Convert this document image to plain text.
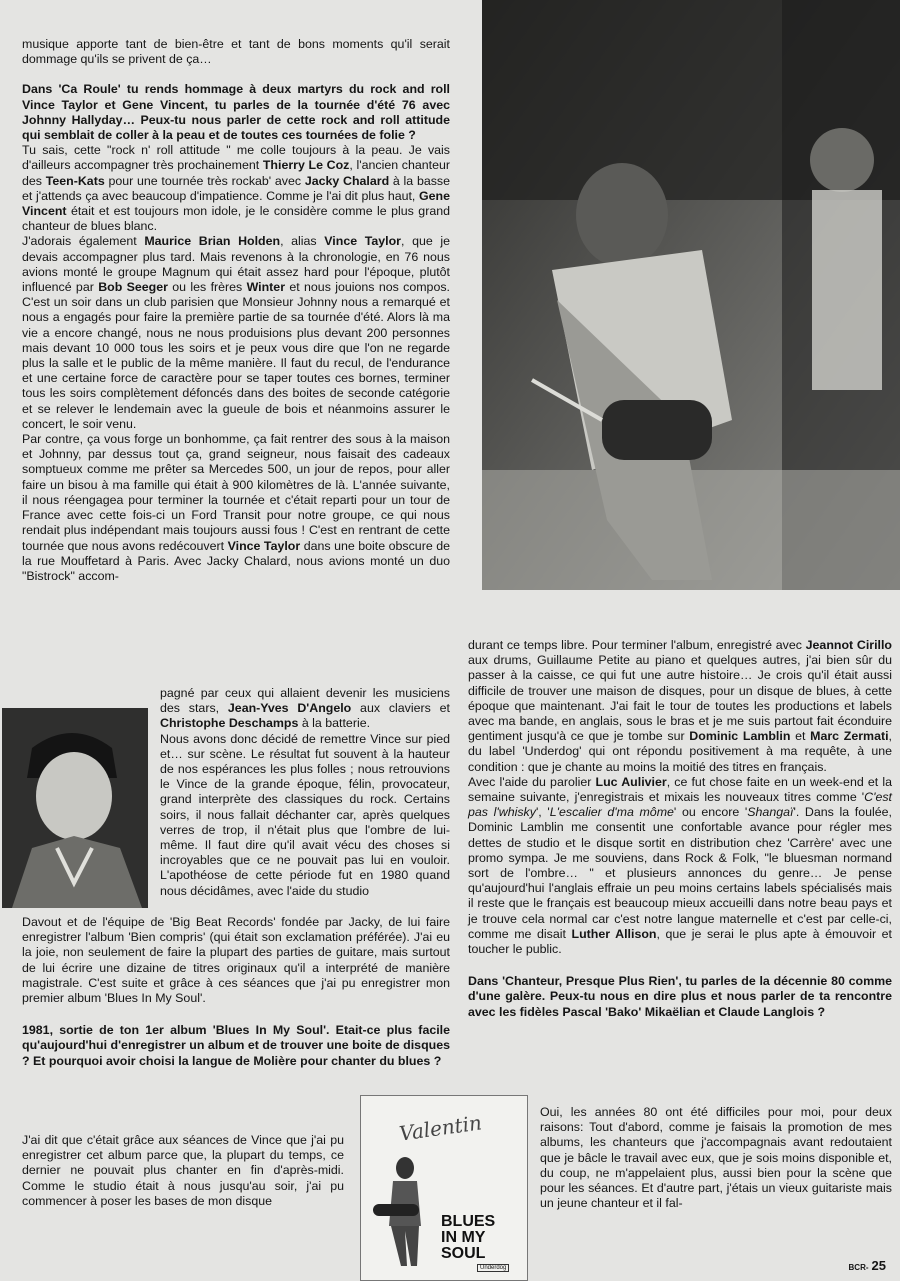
musique apporte tant de bien-être et tant de bons moments qu'il serait dommage qu'ils se privent de ça…

Dans 'Ca Roule' tu rends hommage à deux martyrs du rock and roll Vince Taylor et Gene Vincent, tu parles de la tournée d'été 76 avec Johnny Hallyday… Peux-tu nous parler de cette rock and roll attitude qui semblait de coller à la peau et de toutes ces tournées de folie ?

Tu sais, cette "rock n' roll attitude " me colle toujours à la peau. Je vais d'ailleurs accompagner très prochainement Thierry Le Coz, l'ancien chanteur des Teen-Kats pour une tournée très rockab' avec Jacky Chalard à la basse et j'attends ça avec beaucoup d'impatience. Comme je l'ai dit plus haut, Gene Vincent était et est toujours mon idole, je le considère comme le plus grand chanteur de blues blanc.

J'adorais également Maurice Brian Holden, alias Vince Taylor, que je devais accompagner plus tard. Mais revenons à la chronologie, en 76 nous avions monté le groupe Magnum qui était assez hard pour l'époque, plutôt influencé par Bob Seeger ou les frères Winter et nous jouions nos compos. C'est un soir dans un club parisien que Monsieur Johnny nous a remarqué et nous a engagés pour faire la première partie de sa tournée d'été. Alors là ma vie a encore changé, nous ne nous produisions plus devant 200 personnes mais devant 10 000 tous les soirs et je peux vous dire que l'on ne regarde plus la salle et le public de la même manière. Il faut du recul, de l'endurance et une certaine force de caractère pour se taper toutes ces bornes, terminer tous les soirs complètement défoncés dans des boites de seconde catégorie et se relever le lendemain avec la gueule de bois et néanmoins assurer le concert, le soir venu.

Par contre, ça vous forge un bonhomme, ça fait rentrer des sous à la maison et Johnny, par dessus tout ça, grand seigneur, nous faisait des cadeaux somptueux comme me prêter sa Mercedes 500, un jour de repos, pour aller faire un bisou à ma famille qui était à 900 kilomètres de là. L'année suivante, il nous réengagea pour terminer la tournée et c'était reparti pour un tour de France avec cette fois-ci un Ford Transit pour notre groupe, ce qui nous rendait plus indépendant mais toujours aussi fous ! C'est en rentrant de cette tournée que nous avons redécouvert Vince Taylor dans une boite obscure de la rue Mouffetard à Paris. Avec Jacky Chalard, nous avions monté un duo "Bistrock" accom-

pagné par ceux qui allaient devenir les musiciens des stars, Jean-Yves D'Angelo aux claviers et Christophe Deschamps à la batterie.

Nous avons donc décidé de remettre Vince sur pied et… sur scène. Le résultat fut souvent à la hauteur de nos espérances les plus folles ; nous retrouvions le Vince de la grande époque, félin, provocateur, grand interprète des classiques du rock. Certains soirs, il nous fallait déchanter car, après quelques verres de trop, il n'était plus que l'ombre de lui-même. Il faut dire qu'il avait vécu des choses si incroyables que ce ne pouvait pas lui en vouloir. L'apothéose de cette période fut en 1980 quand nous décidâmes, avec l'aide du studio

Davout et de l'équipe de 'Big Beat Records' fondée par Jacky, de lui faire enregistrer l'album 'Bien compris' (qui était son exclamation préférée). J'ai eu la joie, non seulement de faire la plupart des parties de guitare, mais surtout de lui écrire une dizaine de titres originaux qu'il a interprété de manière magistrale. C'est suite et grâce à ces séances que j'ai pu enregistrer mon premier album 'Blues In My Soul'.

1981, sortie de ton 1er album 'Blues In My Soul'. Etait-ce plus facile qu'aujourd'hui d'enregistrer un album et de trouver une boite de disques ? Et pourquoi avoir choisi la langue de Molière pour chanter du blues ?

J'ai dit que c'était grâce aux séances de Vince que j'ai pu enregistrer cet album parce que, la plupart du temps, ce dernier ne pouvait plus chanter en fin d'après-midi. Comme le studio était à nous jusqu'au soir, j'ai pu commencer à poser les bases de mon disque

Valentin
BLUES
IN MY
SOUL
Underdog

durant ce temps libre. Pour terminer l'album, enregistré avec Jeannot Cirillo aux drums, Guillaume Petite au piano et quelques autres, j'ai bien sûr du passer à la caisse, ce qui fut une autre histoire… Je crois qu'il était aussi difficile de trouver une maison de disques, pour un disque de blues, à cette époque que maintenant. J'ai fait le tour de toutes les productions et labels avec ma bande, en anglais, sous le bras et je me suis partout fait éconduire gentiment jusqu'à ce que je tombe sur Dominic Lamblin et Marc Zermati, du label 'Underdog' qui ont répondu positivement à ma requête, à une condition : que je chante au moins la moitié des titres en français.

Avec l'aide du parolier Luc Aulivier, ce fut chose faite en un week-end et la semaine suivante, j'enregistrais et mixais les nouveaux titres comme 'C'est pas l'whisky', 'L'escalier d'ma môme' ou encore 'Shangaï'. Dans la foulée, Dominic Lamblin me consentit une confortable avance pour régler mes dettes de studio et le disque sortit en distribution chez 'Carrère' avec une promo sympa. Je me souviens, dans Rock & Folk, "le bluesman normand sort de l'ombre… " et plusieurs annonces du genre… Je pense qu'aujourd'hui l'anglais effraie un peu moins certains labels spécialisés mais il reste que le français est beaucoup mieux accueilli dans notre beau pays et je trouve cela normal car c'est notre langue maternelle et c'est par celle-ci, comme me disait Luther Allison, que je serai le plus apte à émouvoir et toucher le public.

Dans 'Chanteur, Presque Plus Rien', tu parles de la décennie 80 comme d'une galère. Peux-tu nous en dire plus et nous parler de ta rencontre avec les fidèles Pascal 'Bako' Mikaëlian et Claude Langlois ?

Oui, les années 80 ont été difficiles pour moi, pour deux raisons: Tout d'abord, comme je faisais la promotion de mes albums, les chanteurs que j'accompagnais avant redoutaient que je bâcle le travail avec eux, que je sois moins disponible et, du coup, ne m'appelaient plus, aussi bien pour la scène que pour les séances. Et d'autre part, j'étais un vieux guitariste mais un jeune chanteur et il fal-

BCR- 25
